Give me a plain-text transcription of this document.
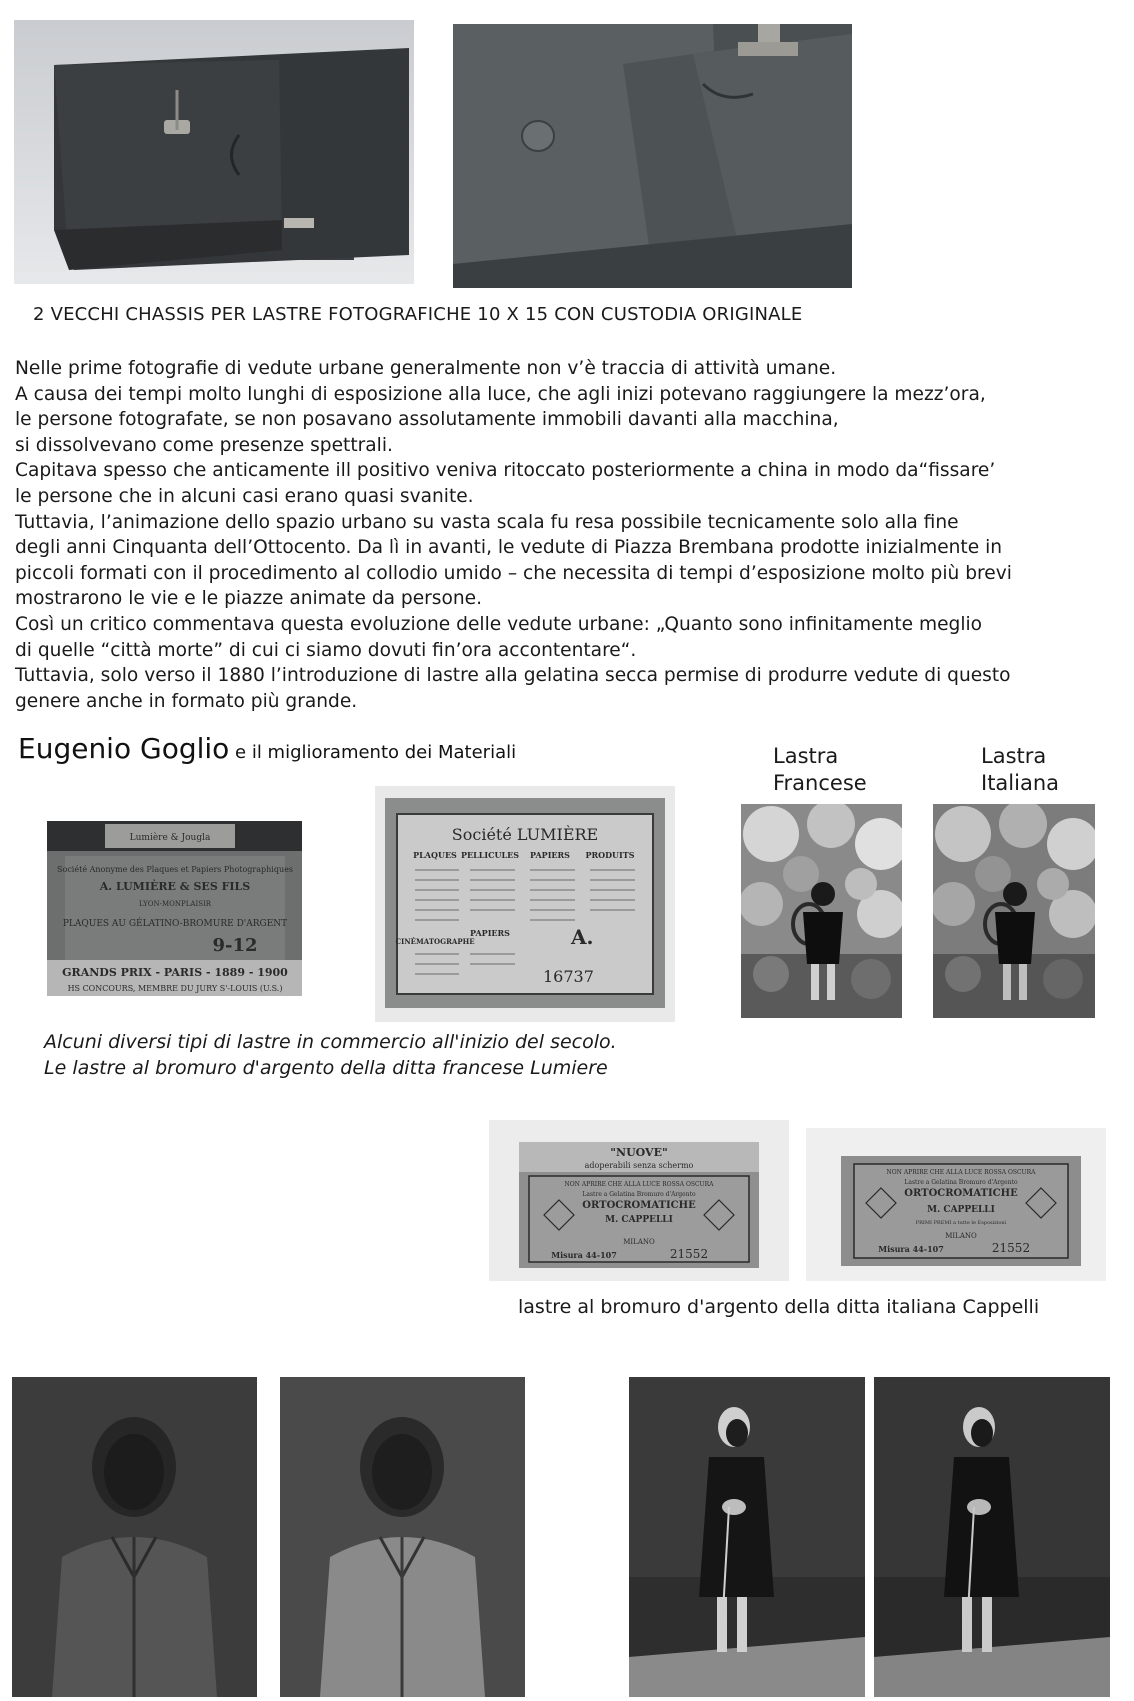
2 VECCHI CHASSIS PER LASTRE FOTOGRAFICHE 10 X 15 CON CUSTODIA ORIGINALE
Nelle prime fotografie di vedute urbane generalmente non v’è traccia di attività umane.
A causa dei tempi molto lunghi di esposizione alla luce, che agli inizi potevano raggiungere la mezz’ora,
le persone fotografate, se non posavano assolutamente immobili davanti alla macchina,
si dissolvevano come presenze spettrali.
Capitava spesso che anticamente ill positivo veniva ritoccato posteriormente a china in modo da“fissare’
le persone che in alcuni casi erano quasi svanite.
Tuttavia, l’animazione dello spazio urbano su vasta scala fu resa possibile tecnicamente solo alla fine
degli anni Cinquanta dell’Ottocento. Da lì in avanti, le vedute di Piazza Brembana prodotte inizialmente in
piccoli formati con il procedimento al collodio umido – che necessita di tempi d’esposizione molto più brevi
mostrarono le vie e le piazze animate da persone.
Così un critico commentava questa evoluzione delle vedute urbane: „Quanto sono infinitamente meglio
di quelle “città morte” di cui ci siamo dovuti fin’ora accontentare“.
Tuttavia, solo verso il 1880 l’introduzione di lastre alla gelatina secca permise di produrre vedute di questo
genere anche in formato più grande.
Eugenio Goglio e il miglioramento dei Materiali	Lastra
Francese
Lastra
Italiana
Lumière & Jougla
Société Anonyme des Plaques et Papiers Photographiques
A. LUMIÈRE & SES FILS
LYON-MONPLAISIR
PLAQUES AU GÉLATINO-BROMURE D'ARGENT
9-12
GRANDS PRIX - PARIS - 1889 - 1900
HS CONCOURS, MEMBRE DU JURY S'-LOUIS (U.S.)
Société LUMIÈRE
PLAQUES PELLICULES PAPIERS PRODUITS
CINÉMATOGRAPHE
PAPIERS	A.
16737
Alcuni diversi tipi di lastre in commercio all'inizio del secolo.
Le lastre al bromuro d'argento della ditta francese Lumiere
"NUOVE"
adoperabili senza schermo
NON APRIRE CHE ALLA LUCE ROSSA OSCURA
Lastre a Gelatina Bromuro d'Argento
ORTOCROMATICHE
M. CAPPELLI
MILANO
Misura 44-107	21552
NON APRIRE CHE ALLA LUCE ROSSA OSCURA
Lastre a Gelatina Bromuro d'Argento
ORTOCROMATICHE
M. CAPPELLI
PRIMI PREMI a tutte le Esposizioni
MILANO
Misura 44-107	21552
lastre al bromuro d'argento della ditta italiana Cappelli
